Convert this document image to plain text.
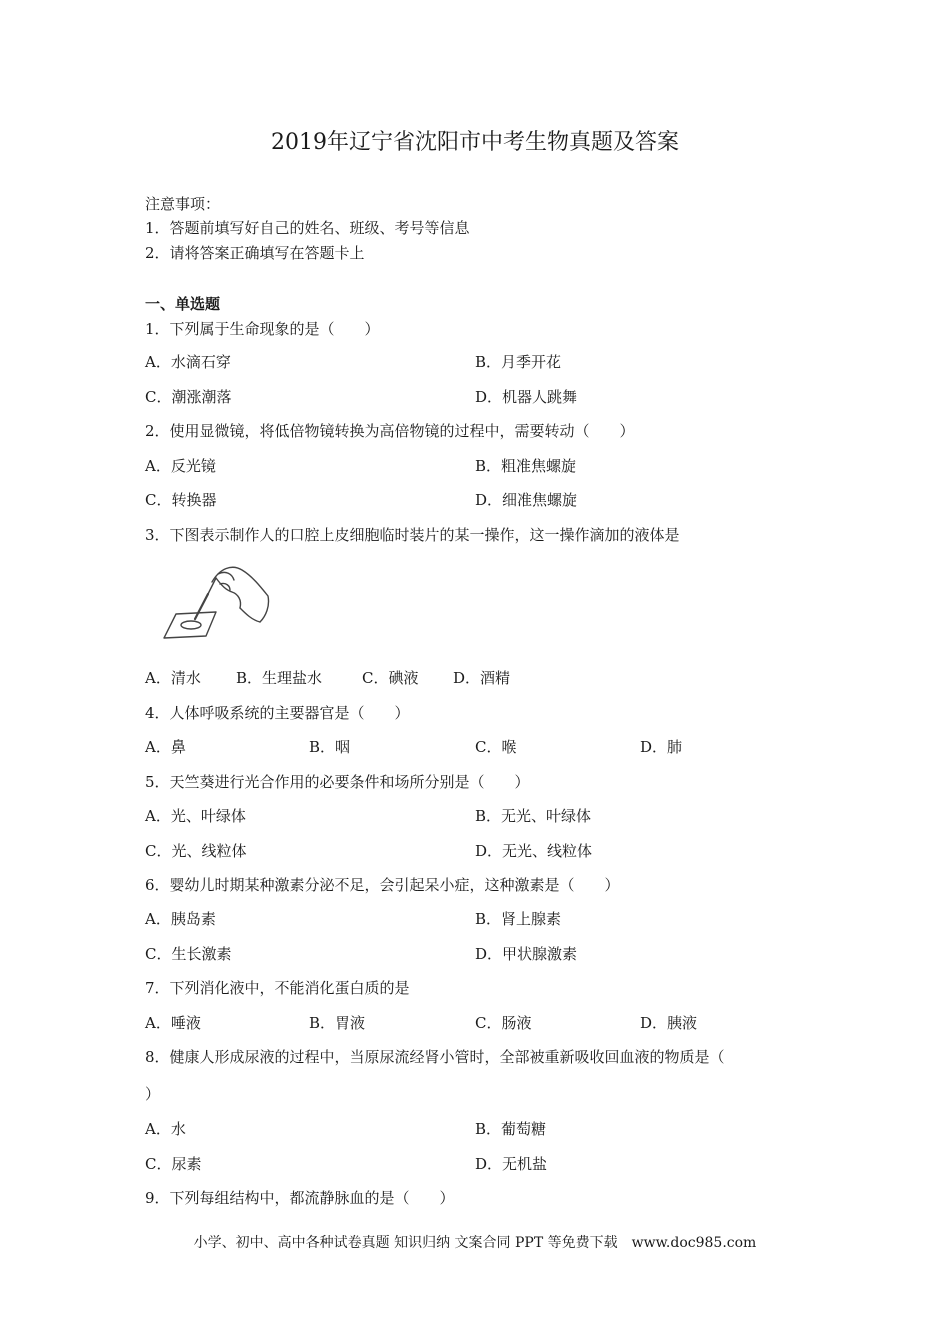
2019年辽宁省沈阳市中考生物真题及答案
注意事项：
1．答题前填写好自己的姓名、班级、考号等信息
2．请将答案正确填写在答题卡上
一、单选题
1．下列属于生命现象的是（　　）
A．水滴石穿	B．月季开花
C．潮涨潮落	D．机器人跳舞
2．使用显微镜，将低倍物镜转换为高倍物镜的过程中，需要转动（　　）
A．反光镜	B．粗准焦螺旋
C．转换器	D．细准焦螺旋
3．下图表示制作人的口腔上皮细胞临时装片的某一操作，这一操作滴加的液体是
A．清水 B．生理盐水	C．碘液 D．酒精
4．人体呼吸系统的主要器官是（　　）
A．鼻	B．咽	C．喉	D．肺
5．天竺葵进行光合作用的必要条件和场所分别是（　　）
A．光、叶绿体	B．无光、叶绿体
C．光、线粒体	D．无光、线粒体
6．婴幼儿时期某种激素分泌不足，会引起呆小症，这种激素是（　　）
A．胰岛素	B．肾上腺素
C．生长激素	D．甲状腺激素
7．下列消化液中，不能消化蛋白质的是
A．唾液	B．胃液	C．肠液	D．胰液
8．健康人形成尿液的过程中，当原尿流经肾小管时，全部被重新吸收回血液的物质是（
）
A．水	B．葡萄糖
C．尿素	D．无机盐
9．下列每组结构中，都流静脉血的是（　　）
小学、初中、高中各种试卷真题 知识归纳 文案合同 PPT 等免费下载　www.doc985.com
